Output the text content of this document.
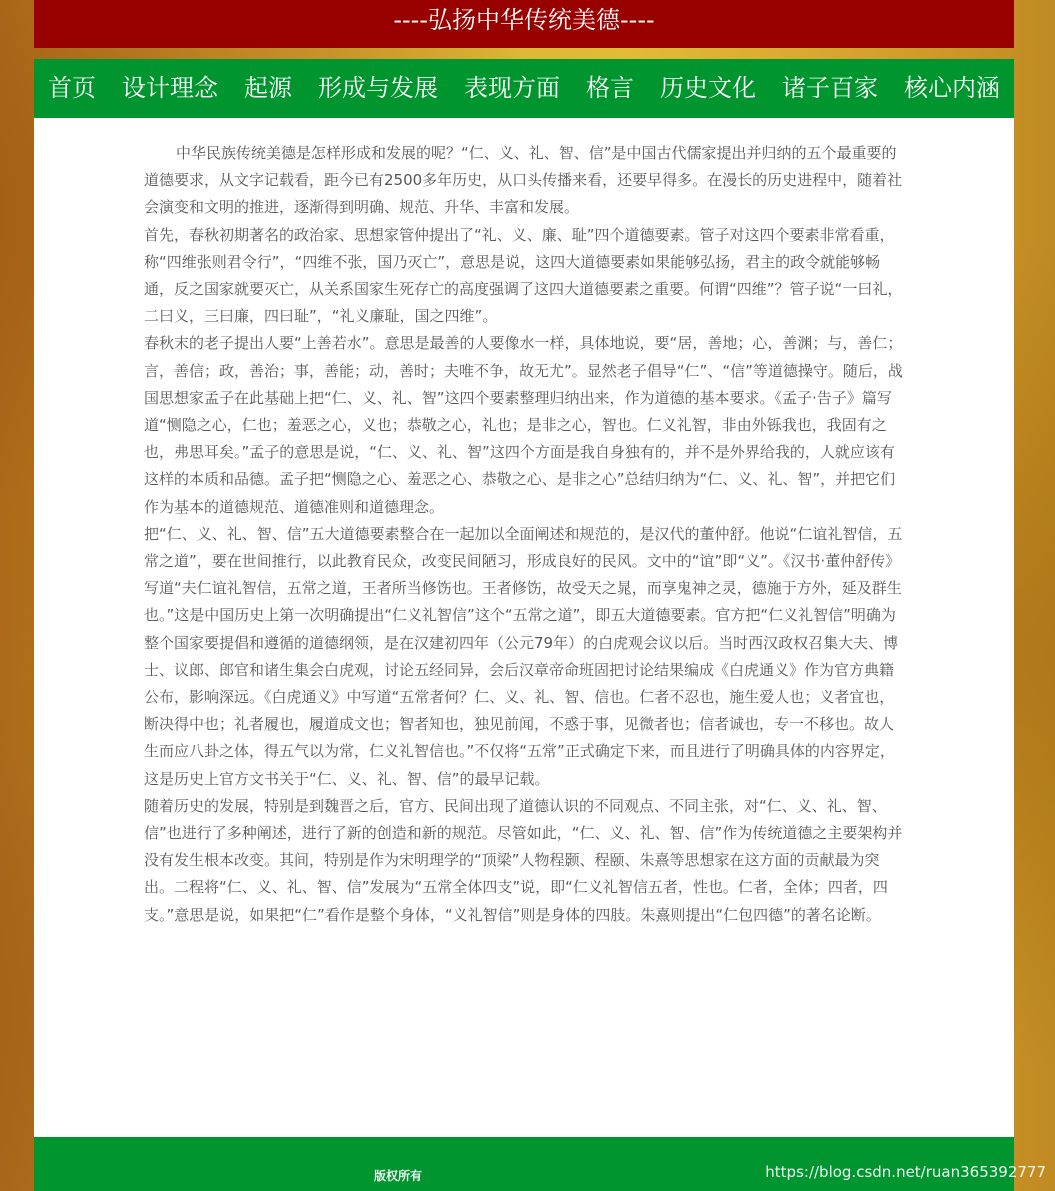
----弘扬中华传统美德----
首页 设计理念 起源 形成与发展 表现方面 格言 历史文化 诸子百家 核心内涵

中华民族传统美德是怎样形成和发展的呢？“仁、义、礼、智、信”是中国古代儒家提出并归纳的五个最重要的道德要求，从文字记载看，距今已有2500多年历史，从口头传播来看，还要早得多。在漫长的历史进程中，随着社会演变和文明的推进，逐渐得到明确、规范、升华、丰富和发展。

首先，春秋初期著名的政治家、思想家管仲提出了“礼、义、廉、耻”四个道德要素。管子对这四个要素非常看重，称“四维张则君令行”，“四维不张，国乃灭亡”，意思是说，这四大道德要素如果能够弘扬，君主的政令就能够畅通，反之国家就要灭亡，从关系国家生死存亡的高度强调了这四大道德要素之重要。何谓“四维”？管子说“一曰礼，二曰义，三曰廉，四曰耻”，“礼义廉耻，国之四维”。

春秋末的老子提出人要“上善若水”。意思是最善的人要像水一样，具体地说，要“居，善地；心，善渊；与，善仁；言，善信；政，善治；事，善能；动，善时；夫唯不争，故无尤”。显然老子倡导“仁”、“信”等道德操守。随后，战国思想家孟子在此基础上把“仁、义、礼、智”这四个要素整理归纳出来，作为道德的基本要求。《孟子·告子》篇写道“恻隐之心，仁也；羞恶之心，义也；恭敬之心，礼也；是非之心，智也。仁义礼智，非由外铄我也，我固有之也，弗思耳矣。”孟子的意思是说，“仁、义、礼、智”这四个方面是我自身独有的，并不是外界给我的，人就应该有这样的本质和品德。孟子把“恻隐之心、羞恶之心、恭敬之心、是非之心”总结归纳为“仁、义、礼、智”，并把它们作为基本的道德规范、道德准则和道德理念。

把“仁、义、礼、智、信”五大道德要素整合在一起加以全面阐述和规范的，是汉代的董仲舒。他说“仁谊礼智信，五常之道”，要在世间推行，以此教育民众，改变民间陋习，形成良好的民风。文中的“谊”即“义”。《汉书·董仲舒传》写道“夫仁谊礼智信，五常之道，王者所当修饬也。王者修饬，故受天之晁，而享鬼神之灵，德施于方外，延及群生也。”这是中国历史上第一次明确提出“仁义礼智信”这个“五常之道”，即五大道德要素。官方把“仁义礼智信”明确为整个国家要提倡和遵循的道德纲领，是在汉建初四年（公元79年）的白虎观会议以后。当时西汉政权召集大夫、博士、议郎、郎官和诸生集会白虎观，讨论五经同异，会后汉章帝命班固把讨论结果编成《白虎通义》作为官方典籍公布，影响深远。《白虎通义》中写道“五常者何？仁、义、礼、智、信也。仁者不忍也，施生爱人也；义者宜也，断决得中也；礼者履也，履道成文也；智者知也，独见前闻，不惑于事，见微者也；信者诚也，专一不移也。故人生而应八卦之体，得五气以为常，仁义礼智信也。”不仅将“五常”正式确定下来，而且进行了明确具体的内容界定，这是历史上官方文书关于“仁、义、礼、智、信”的最早记载。

随着历史的发展，特别是到魏晋之后，官方、民间出现了道德认识的不同观点、不同主张，对“仁、义、礼、智、信”也进行了多种阐述，进行了新的创造和新的规范。尽管如此，“仁、义、礼、智、信”作为传统道德之主要架构并没有发生根本改变。其间，特别是作为宋明理学的“顶梁”人物程颢、程颐、朱熹等思想家在这方面的贡献最为突出。二程将“仁、义、礼、智、信”发展为“五常全体四支”说，即“仁义礼智信五者，性也。仁者，全体；四者，四支。”意思是说，如果把“仁”看作是整个身体，“义礼智信”则是身体的四肢。朱熹则提出“仁包四德”的著名论断。

版权所有	https://blog.csdn.net/ruan365392777
